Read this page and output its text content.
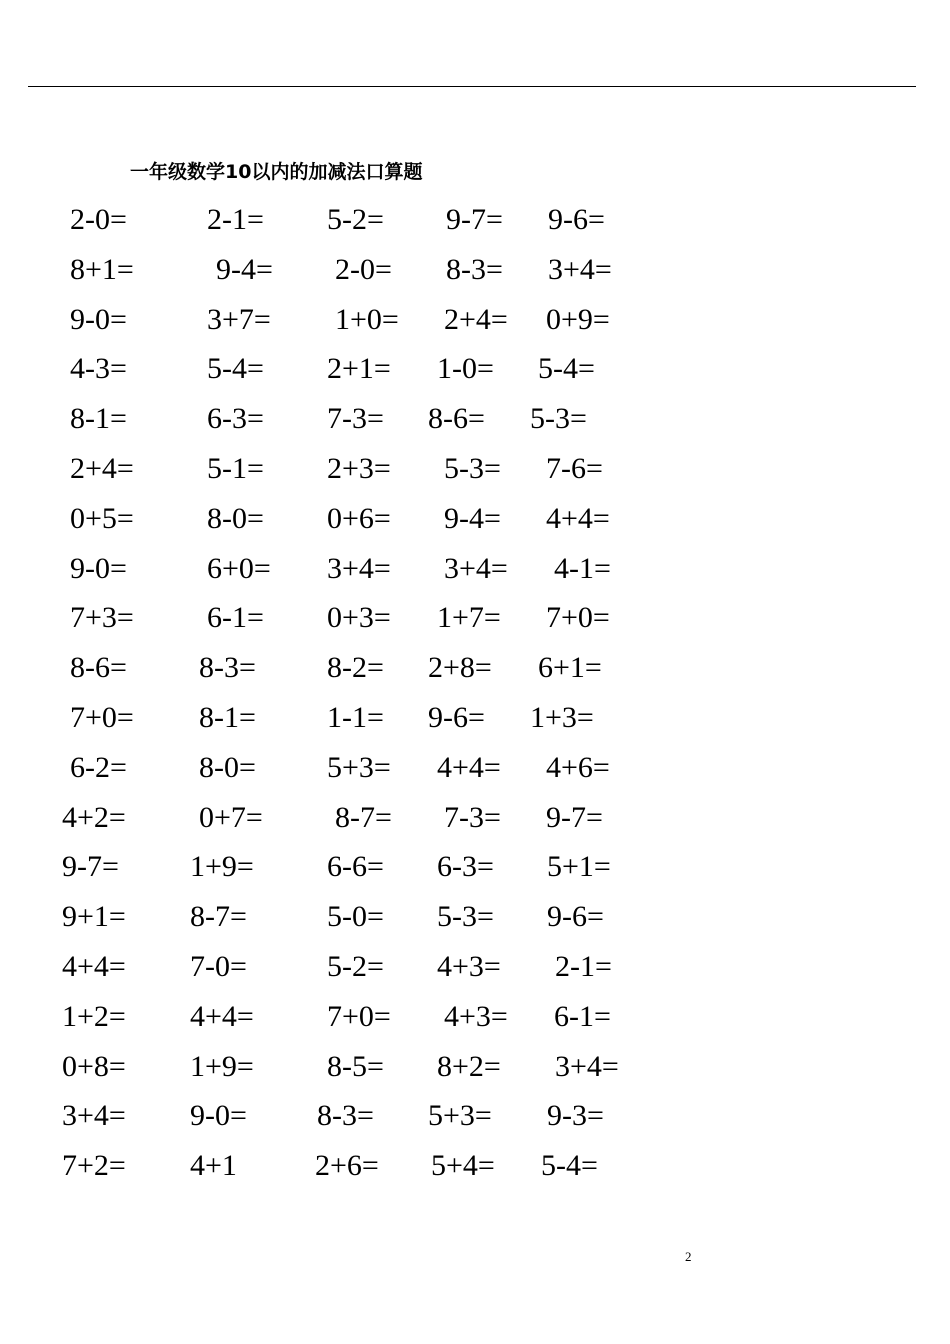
一年级数学10以内的加减法口算题
2-0=	2-1= 5-2= 9-7= 9-6=
8+1=	9-4= 2-0= 8-3= 3+4=
9-0=	3+7= 1+0= 2+4= 0+9=
4-3=	5-4= 2+1= 1-0= 5-4=
8-1=	6-3= 7-3= 8-6= 5-3=
2+4= 5-1= 2+3= 5-3= 7-6=
0+5= 8-0= 0+6= 9-4= 4+4=
9-0=	6+0= 3+4= 3+4= 4-1=
7+3= 6-1= 0+3= 1+7= 7+0=
8-6= 8-3= 8-2= 2+8= 6+1=
7+0= 8-1= 1-1= 9-6= 1+3=
6-2= 8-0= 5+3= 4+4= 4+6=
4+2= 0+7= 8-7= 7-3= 9-7=
9-7= 1+9= 6-6= 6-3= 5+1=
9+1= 8-7=	5-0= 5-3= 9-6=
4+4= 7-0=	5-2= 4+3= 2-1=
1+2= 4+4= 7+0= 4+3= 6-1=
0+8= 1+9= 8-5= 8+2= 3+4=
3+4= 9-0= 8-3= 5+3= 9-3=
7+2= 4+1	2+6= 5+4= 5-4=
2
